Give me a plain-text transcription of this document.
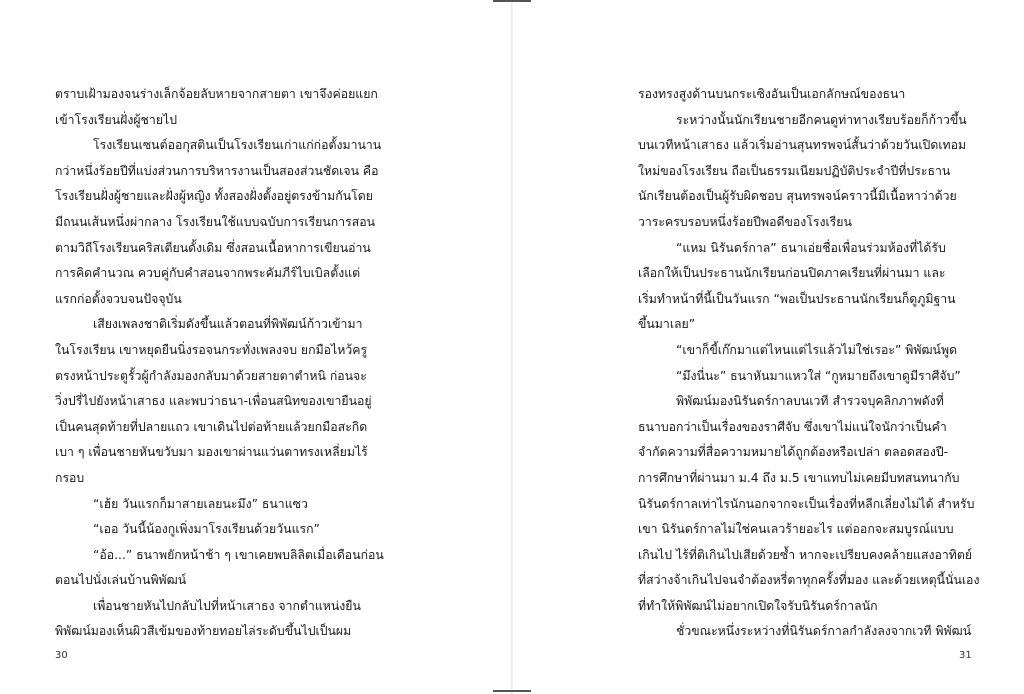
ตราบเฝ้ามองจนร่างเล็กจ้อยลับหายจากสายตา เขาจึงค่อยแยก
เข้าโรงเรียนฝั่งผู้ชายไป
โรงเรียนเซนต์ออกุสตินเป็นโรงเรียนเก่าแก่ก่อตั้งมานาน
กว่าหนึ่งร้อยปีที่แบ่งส่วนการบริหารงานเป็นสองส่วนชัดเจน คือ
โรงเรียนฝั่งผู้ชายและฝั่งผู้หญิง ทั้งสองฝั่งตั้งอยู่ตรงข้ามกันโดย
มีถนนเส้นหนึ่งผ่ากลาง โรงเรียนใช้แบบฉบับการเรียนการสอน
ตามวิถีโรงเรียนคริสเตียนดั้งเดิม ซึ่งสอนเนื้อหาการเขียนอ่าน
การคิดคำนวณ ควบคู่กับคำสอนจากพระคัมภีร์ไบเบิลตั้งแต่
แรกก่อตั้งจวบจนปัจจุบัน
เสียงเพลงชาติเริ่มดังขึ้นแล้วตอนที่พิพัฒน์ก้าวเข้ามา
ในโรงเรียน เขาหยุดยืนนิ่งรอจนกระทั่งเพลงจบ ยกมือไหว้ครู
ตรงหน้าประตูรั้วผู้กำลังมองกลับมาด้วยสายตาตำหนิ ก่อนจะ
วิ่งปรี่ไปยังหน้าเสาธง และพบว่าธนา-เพื่อนสนิทของเขายืนอยู่
เป็นคนสุดท้ายที่ปลายแถว เขาเดินไปต่อท้ายแล้วยกมือสะกิด
เบา ๆ เพื่อนชายหันขวับมา มองเขาผ่านแว่นตาทรงเหลี่ยมไร้
กรอบ
“เฮ้ย วันแรกก็มาสายเลยนะมึง” ธนาแซว
“เออ วันนี้น้องกูเพิ่งมาโรงเรียนด้วยวันแรก”
“อ้อ...” ธนาพยักหน้าช้า ๆ เขาเคยพบลิลิตเมื่อเดือนก่อน
ตอนไปนั่งเล่นบ้านพิพัฒน์
เพื่อนชายหันไปกลับไปที่หน้าเสาธง จากตำแหน่งยืน
พิพัฒน์มองเห็นผิวสีเข้มของท้ายทอยไล่ระดับขึ้นไปเป็นผม
30
รองทรงสูงด้านบนกระเซิงอันเป็นเอกลักษณ์ของธนา
ระหว่างนั้นนักเรียนชายอีกคนดูท่าทางเรียบร้อยก็ก้าวขึ้น
บนเวทีหน้าเสาธง แล้วเริ่มอ่านสุนทรพจน์สั้นว่าด้วยวันเปิดเทอม
ใหม่ของโรงเรียน ถือเป็นธรรมเนียมปฏิบัติประจำปีที่ประธาน
นักเรียนต้องเป็นผู้รับผิดชอบ สุนทรพจน์คราวนี้มีเนื้อหาว่าด้วย
วาระครบรอบหนึ่งร้อยปีพอดีของโรงเรียน
“แหม นิรันดร์กาล” ธนาเอ่ยชื่อเพื่อนร่วมห้องที่ได้รับ
เลือกให้เป็นประธานนักเรียนก่อนปิดภาคเรียนที่ผ่านมา และ
เริ่มทำหน้าที่นี้เป็นวันแรก “พอเป็นประธานนักเรียนก็ดูภูมิฐาน
ขึ้นมาเลย”
“เขาก็ขี้เก๊กมาแต่ไหนแต่ไรแล้วไม่ใช่เรอะ” พิพัฒน์พูด
“มึงนี่นะ” ธนาหันมาแหวใส่ “กูหมายถึงเขาดูมีราศีจับ”
พิพัฒน์มองนิรันดร์กาลบนเวที สำรวจบุคลิกภาพดังที่
ธนาบอกว่าเป็นเรื่องของราศีจับ ซึ่งเขาไม่แน่ใจนักว่าเป็นคำ
จำกัดความที่สื่อความหมายได้ถูกต้องหรือเปล่า ตลอดสองปี-
การศึกษาที่ผ่านมา ม.4 ถึง ม.5 เขาแทบไม่เคยมีบทสนทนากับ
นิรันดร์กาลเท่าไรนักนอกจากจะเป็นเรื่องที่หลีกเลี่ยงไม่ได้ สำหรับ
เขา นิรันดร์กาลไม่ใช่คนเลวร้ายอะไร แต่ออกจะสมบูรณ์แบบ
เกินไป ไร้ที่ติเกินไปเสียด้วยซ้ำ หากจะเปรียบคงคล้ายแสงอาทิตย์
ที่สว่างจ้าเกินไปจนจำต้องหรี่ตาทุกครั้งที่มอง และด้วยเหตุนี้นั่นเอง
ที่ทำให้พิพัฒน์ไม่อยากเปิดใจรับนิรันดร์กาลนัก
ชั่วขณะหนึ่งระหว่างที่นิรันดร์กาลกำลังลงจากเวที พิพัฒน์
31
